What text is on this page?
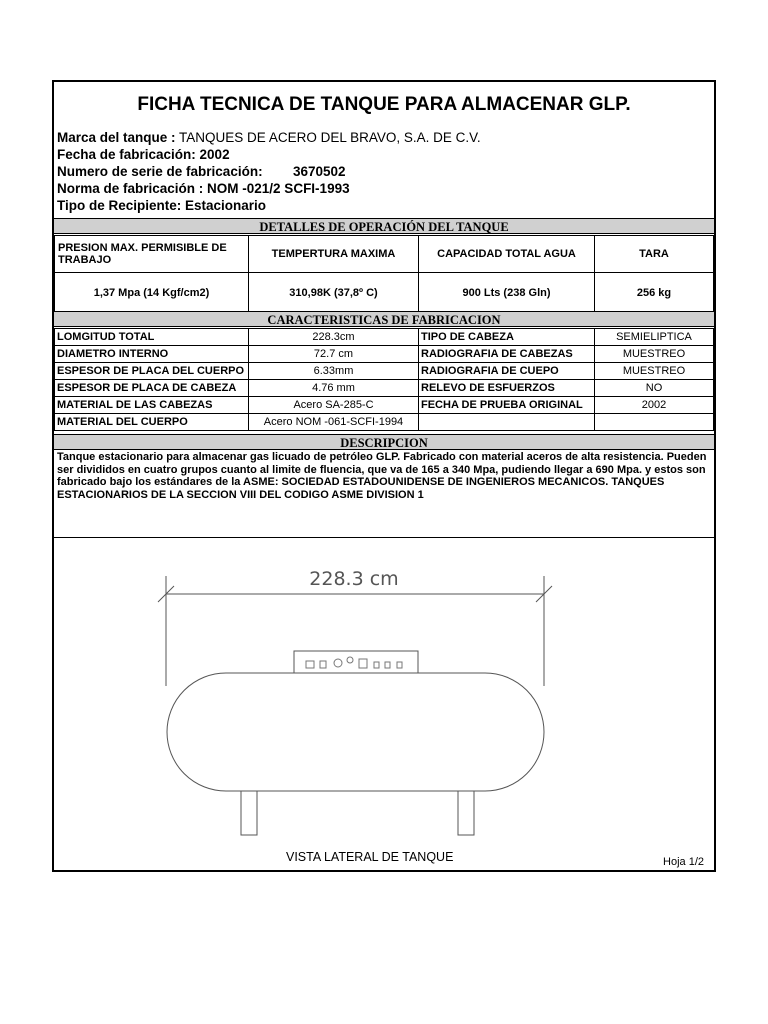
FICHA TECNICA DE TANQUE PARA ALMACENAR GLP.
Marca del tanque : TANQUES DE ACERO DEL BRAVO, S.A. DE C.V.
Fecha de fabricación: 2002
Numero de serie de fabricación: 3670502
Norma de fabricación : NOM -021/2 SCFI-1993
Tipo de Recipiente: Estacionario
DETALLES DE OPERACIÓN DEL TANQUE
PRESION MAX. PERMISIBLE DE TRABAJO	TEMPERTURA MAXIMA	CAPACIDAD TOTAL AGUA	TARA
1,37 Mpa (14 Kgf/cm2)	310,98K (37,8º C)	900 Lts (238 Gln)	256 kg
CARACTERISTICAS DE FABRICACION
LOMGITUD TOTAL	228.3cm	TIPO DE CABEZA	SEMIELIPTICA
DIAMETRO INTERNO	72.7 cm	RADIOGRAFIA DE CABEZAS	MUESTREO
ESPESOR DE PLACA DEL CUERPO	6.33mm	RADIOGRAFIA DE CUEPO	MUESTREO
ESPESOR DE PLACA DE CABEZA	4.76 mm	RELEVO DE ESFUERZOS	NO
MATERIAL DE LAS CABEZAS	Acero SA-285-C	FECHA DE PRUEBA ORIGINAL	2002
MATERIAL DEL CUERPO	Acero NOM -061-SCFI-1994		
DESCRIPCION
Tanque estacionario para almacenar gas licuado de petróleo GLP. Fabricado con material aceros de alta resistencia. Pueden ser divididos en cuatro grupos cuanto al limite de fluencia, que va de 165 a 340 Mpa, pudiendo llegar a 690 Mpa. y estos son fabricado bajo los estándares de la ASME: SOCIEDAD ESTADOUNIDENSE DE INGENIEROS MECANICOS. TANQUES ESTACIONARIOS DE LA SECCION VIII DEL CODIGO ASME DIVISION 1
228.3 cm
VISTA LATERAL DE TANQUE	Hoja 1/2
